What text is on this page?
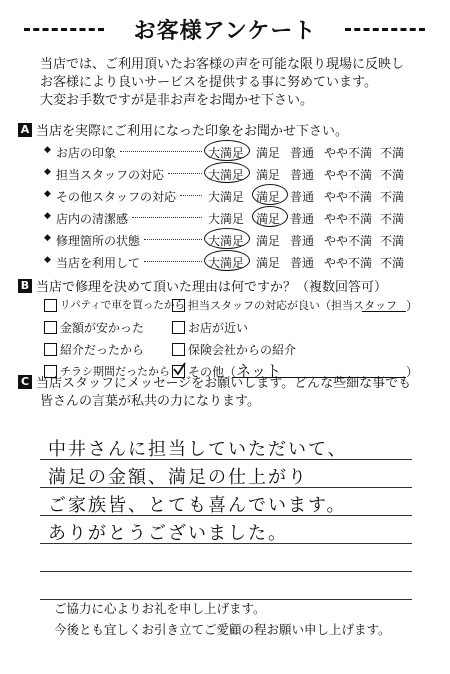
お客様アンケート
当店では、ご利用頂いたお客様の声を可能な限り現場に反映し
お客様により良いサービスを提供する事に努めています。
大変お手数ですが是非お声をお聞かせ下さい。
A 当店を実際にご利用になった印象をお聞かせ下さい。
◆ お店の印象	大満足 満足 普通 やや不満 不満
◆ 担当スタッフの対応	大満足 満足 普通 やや不満 不満
◆ その他スタッフの対応	大満足 満足 普通 やや不満 不満
◆ 店内の清潔感	大満足 満足 普通 やや不満 不満
◆ 修理箇所の状態	大満足 満足 普通 やや不満 不満
◆ 当店を利用して	大満足 満足 普通 やや不満 不満
B 当店で修理を決めて頂いた理由は何ですか？（複数回答可）
リパティで車を買ったから 担当スタッフの対応が良い（担当スタッフ ）
金額が安かった	お店が近い
紹介だったから	保険会社からの紹介
チラシ期間だったから その他（ ネット	）
C 当店スタッフにメッセージをお願いします。どんな些細な事でも
皆さんの言葉が私共の力になります。
中井さんに担当していただいて、
満足の金額、満足の仕上がり
ご家族皆、とても喜んでいます。
ありがとうございました。
ご協力に心よりお礼を申し上げます。
今後とも宜しくお引き立てご愛顧の程お願い申し上げます。
